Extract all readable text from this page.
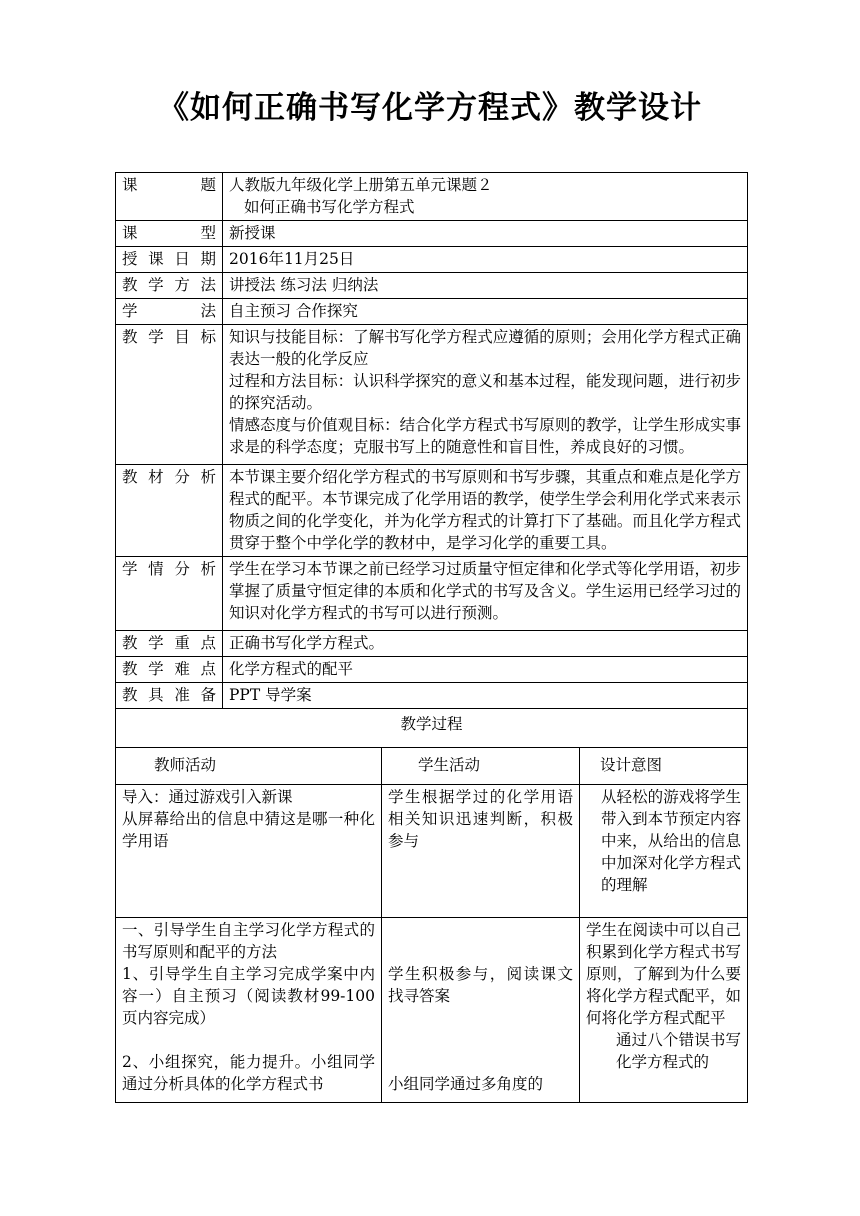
《如何正确书写化学方程式》教学设计
课 题 人教版九年级化学上册第五单元课题２

如何正确书写化学方程式

课 型 新授课

授课日期 2016年11月25日

教学方法 讲授法 练习法 归纳法

学 法 自主预习 合作探究

教学目标 知识与技能目标：了解书写化学方程式应遵循的原则；会用化学方程式正确表达一般的化学反应

过程和方法目标：认识科学探究的意义和基本过程，能发现问题，进行初步的探究活动。

情感态度与价值观目标：结合化学方程式书写原则的教学，让学生形成实事求是的科学态度；克服书写上的随意性和盲目性，养成良好的习惯。

教材分析 本节课主要介绍化学方程式的书写原则和书写步骤，其重点和难点是化学方程式的配平。本节课完成了化学用语的教学，使学生学会利用化学式来表示物质之间的化学变化，并为化学方程式的计算打下了基础。而且化学方程式贯穿于整个中学化学的教材中，是学习化学的重要工具。

学情分析 学生在学习本节课之前已经学习过质量守恒定律和化学式等化学用语，初步掌握了质量守恒定律的本质和化学式的书写及含义。学生运用已经学习过的知识对化学方程式的书写可以进行预测。

教学重点 正确书写化学方程式。

教学难点 化学方程式的配平

教具准备 PPT 导学案

教学过程
教师活动	学生活动	设计意图

导入：通过游戏引入新课

从屏幕给出的信息中猜这是哪一种化学用语

学生根据学过的化学用语相关知识迅速判断，积极参与

从轻松的游戏将学生带入到本节预定内容中来，从给出的信息中加深对化学方程式的理解

一、引导学生自主学习化学方程式的书写原则和配平的方法

1、引导学生自主学习完成学案中内容一）自主预习（阅读教材99-100页内容完成）

2、小组探究，能力提升。小组同学通过分析具体的化学方程式书

学生积极参与，阅读课文找寻答案

小组同学通过多角度的

学生在阅读中可以自己积累到化学方程式书写原则，了解到为什么要将化学方程式配平，如何将化学方程式配平

通过八个错误书写化学方程式的
